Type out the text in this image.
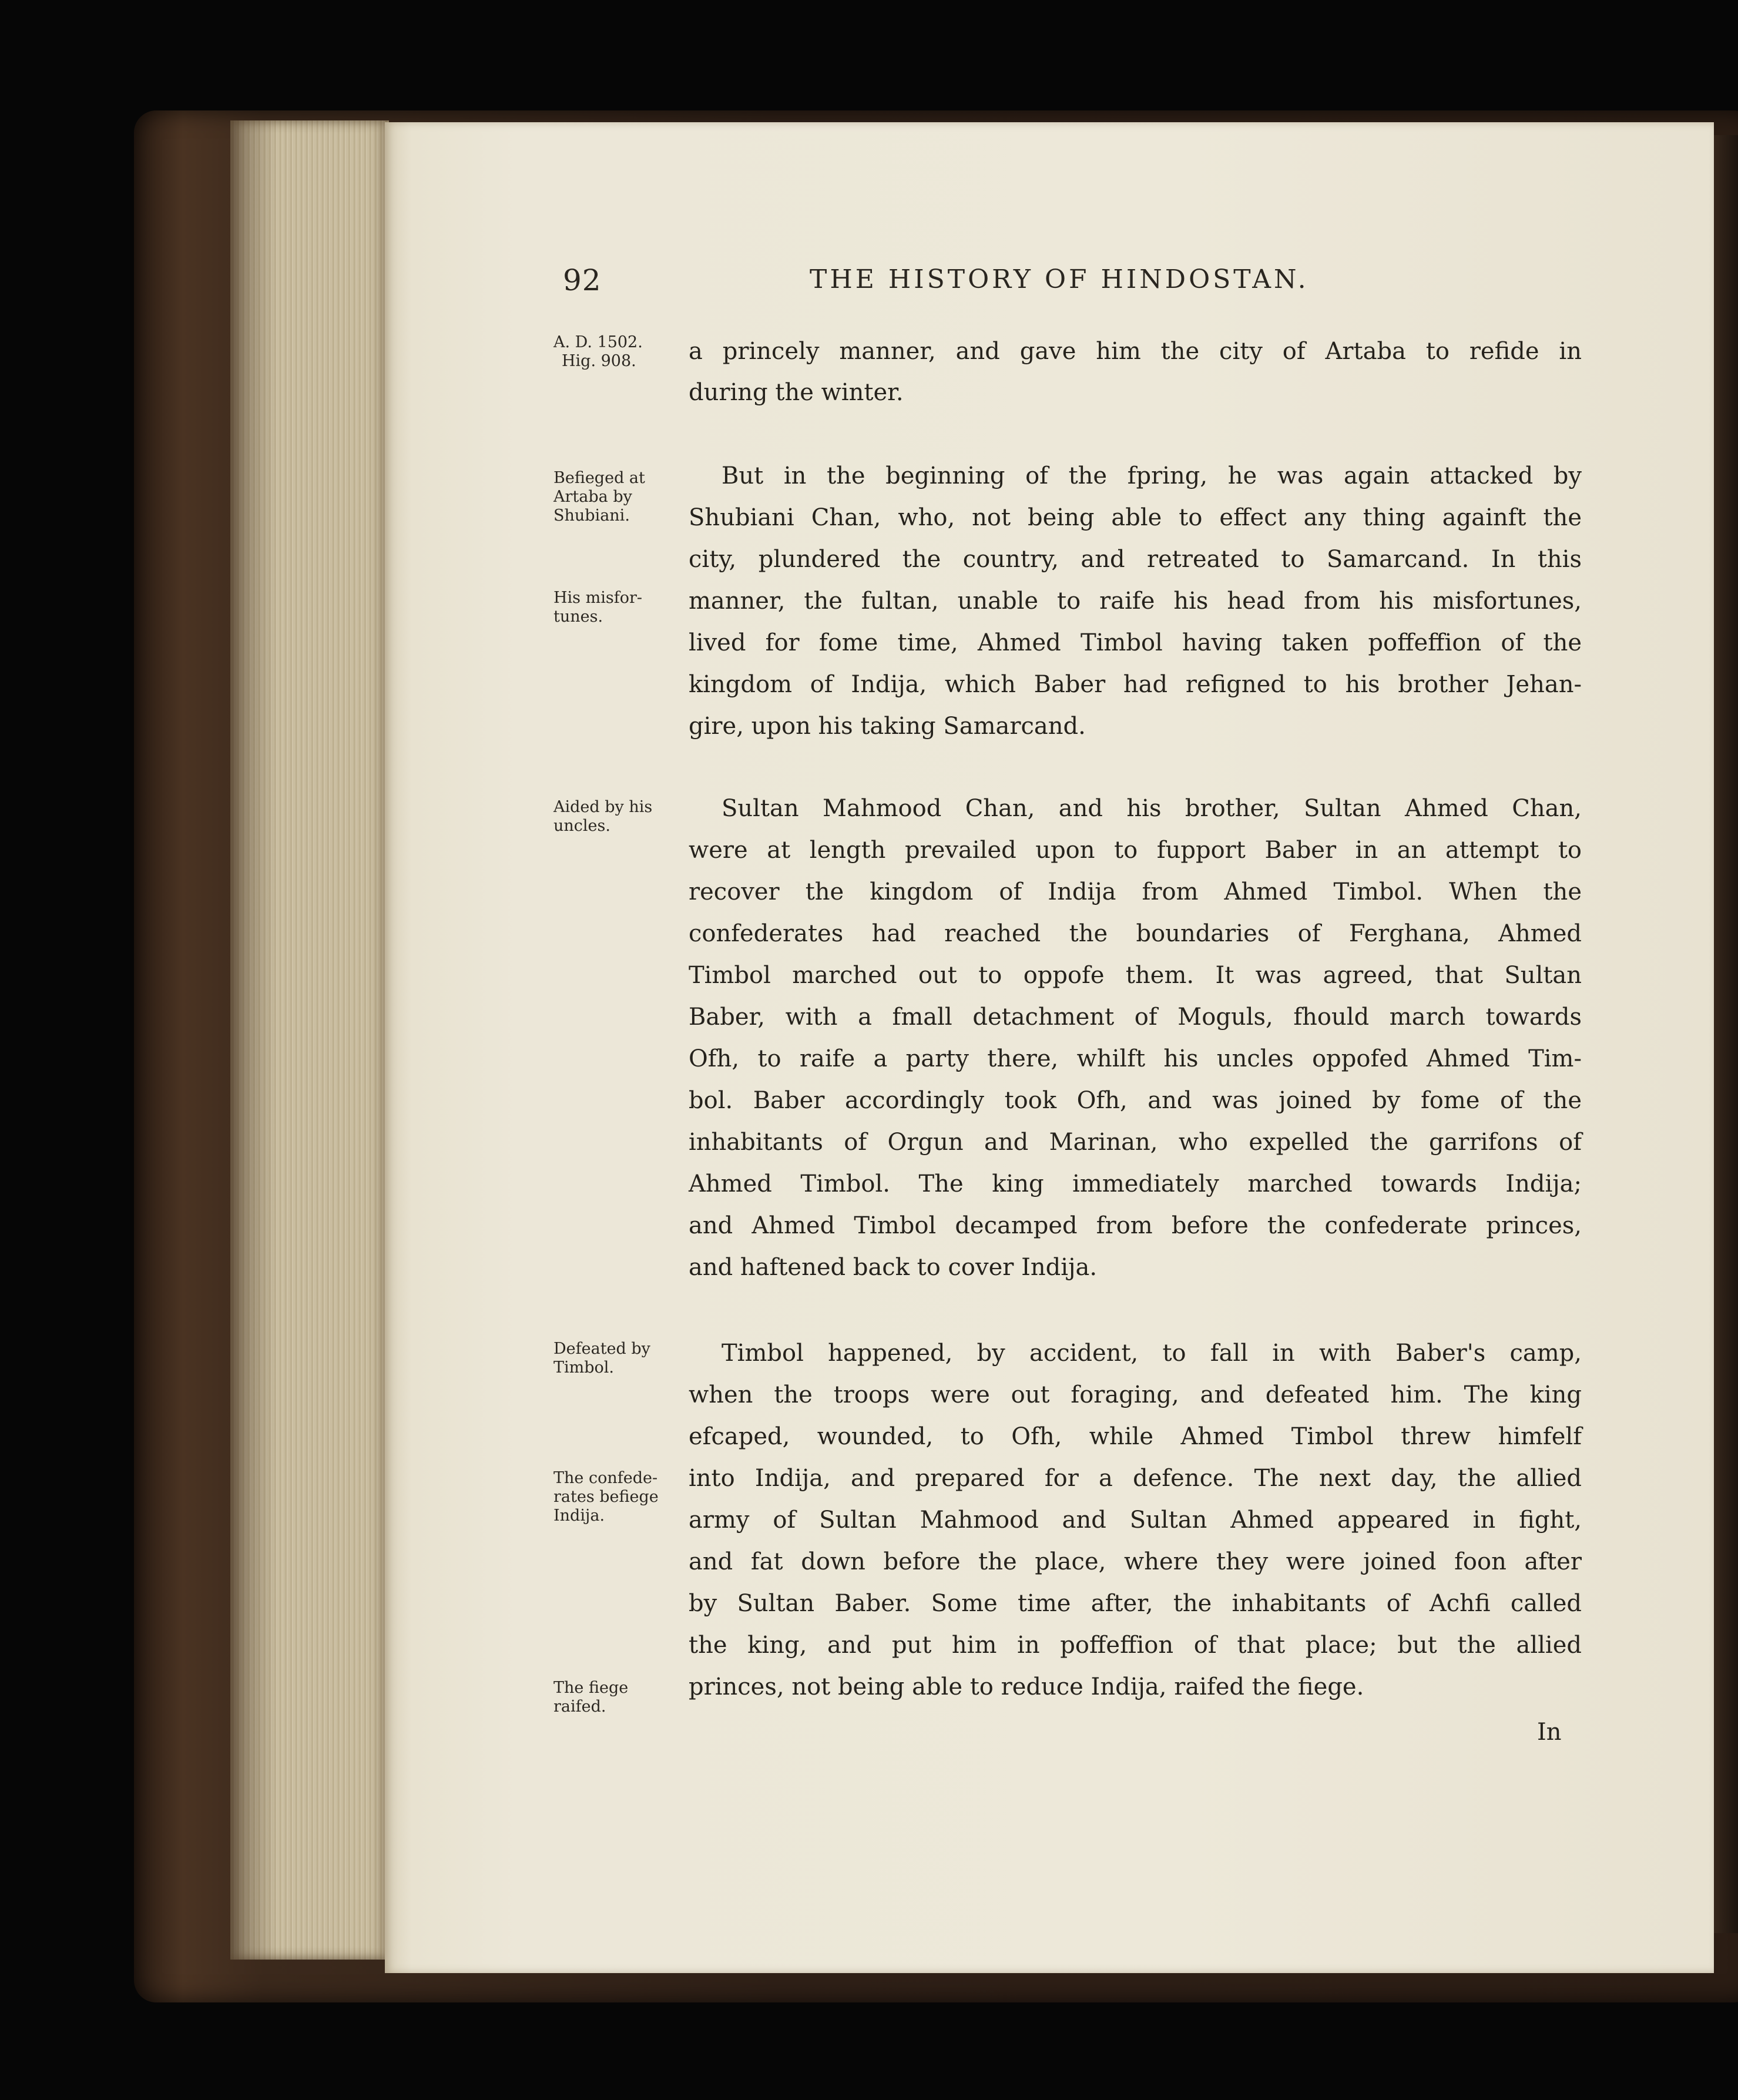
92	THE HISTORY OF HINDOSTAN.
A. D. 1502.
Hig. 908.
Befieged at
Artaba by
Shubiani.
His misfor-
tunes.
Aided by his
uncles.
Defeated by
Timbol.
The confede-
rates befiege
Indija.
The fiege
raifed.
a princely manner, and gave him the city of Artaba to refide in
during the winter.
But in the beginning of the fpring, he was again attacked by
Shubiani Chan, who, not being able to effect any thing againft the
city, plundered the country, and retreated to Samarcand. In this
manner, the fultan, unable to raife his head from his misfortunes,
lived for fome time, Ahmed Timbol having taken poffeffion of the
kingdom of Indija, which Baber had refigned to his brother Jehan-
gire, upon his taking Samarcand.
Sultan Mahmood Chan, and his brother, Sultan Ahmed Chan,
were at length prevailed upon to fupport Baber in an attempt to
recover the kingdom of Indija from Ahmed Timbol. When the
confederates had reached the boundaries of Ferghana, Ahmed
Timbol marched out to oppofe them. It was agreed, that Sultan
Baber, with a fmall detachment of Moguls, fhould march towards
Ofh, to raife a party there, whilft his uncles oppofed Ahmed Tim-
bol. Baber accordingly took Ofh, and was joined by fome of the
inhabitants of Orgun and Marinan, who expelled the garrifons of
Ahmed Timbol. The king immediately marched towards Indija;
and Ahmed Timbol decamped from before the confederate princes,
and haftened back to cover Indija.
Timbol happened, by accident, to fall in with Baber's camp,
when the troops were out foraging, and defeated him. The king
efcaped, wounded, to Ofh, while Ahmed Timbol threw himfelf
into Indija, and prepared for a defence. The next day, the allied
army of Sultan Mahmood and Sultan Ahmed appeared in fight,
and fat down before the place, where they were joined foon after
by Sultan Baber. Some time after, the inhabitants of Achfi called
the king, and put him in poffeffion of that place; but the allied
princes, not being able to reduce Indija, raifed the fiege.
In
